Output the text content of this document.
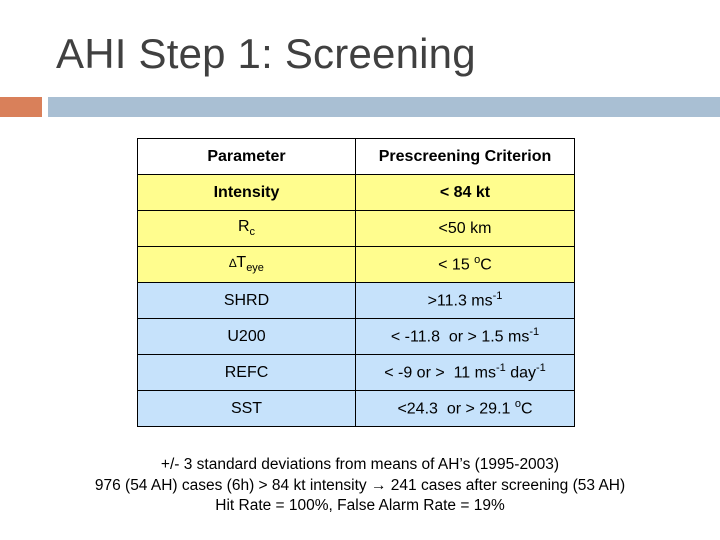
AHI Step 1: Screening
Parameter	Prescreening Criterion
Intensity	< 84 kt
$R_c$	<50 km
$\Delta T_{eye}$	< 15 $^o$C
SHRD	>11.3 $ms^{-1}$
U200	< -11.8  or > 1.5 $ms^{-1}$
REFC	< -9 or >  11 $ms^{-1}$ day$^{-1}$
SST	<24.3  or > 29.1 $^o$C
+/- 3 standard deviations from means of AH’s (1995-2003)
976 (54 AH) cases (6h) > 84 kt intensity → 241 cases after screening (53 AH)
Hit Rate = 100%, False Alarm Rate = 19%
